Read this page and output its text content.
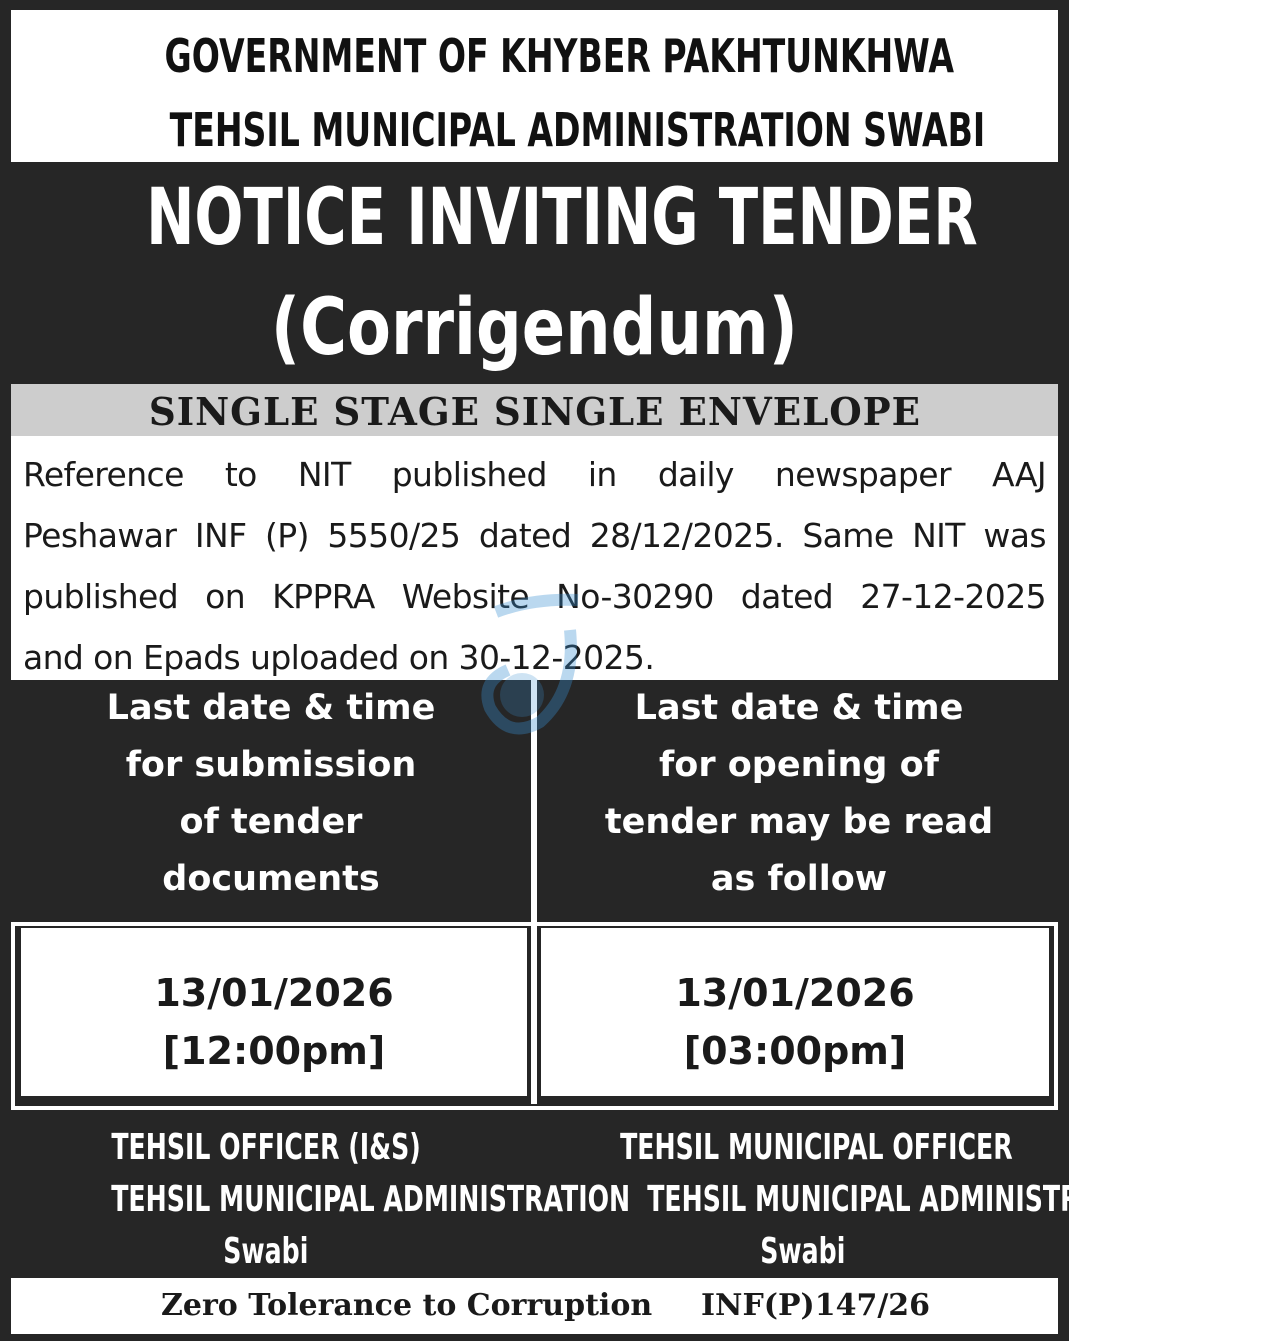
GOVERNMENT OF KHYBER PAKHTUNKHWA
TEHSIL MUNICIPAL ADMINISTRATION SWABI
NOTICE INVITING TENDER
(Corrigendum)
SINGLE STAGE SINGLE ENVELOPE

Reference to NIT published in daily newspaper AAJ

Peshawar INF (P) 5550/25 dated 28/12/2025. Same NIT was

published on KPPRA Website No-30290 dated 27-12-2025

and on Epads uploaded on 30-12-2025.

Last date & time
for submission
of tender
documents
Last date & time
for opening of
tender may be read
as follow
13/01/2026
[12:00pm]
13/01/2026
[03:00pm]
TEHSIL OFFICER (I&S)
TEHSIL MUNICIPAL ADMINISTRATION
Swabi
TEHSIL MUNICIPAL OFFICER
TEHSIL MUNICIPAL ADMINISTRATION
Swabi
Zero Tolerance to Corruption INF(P)147/26
